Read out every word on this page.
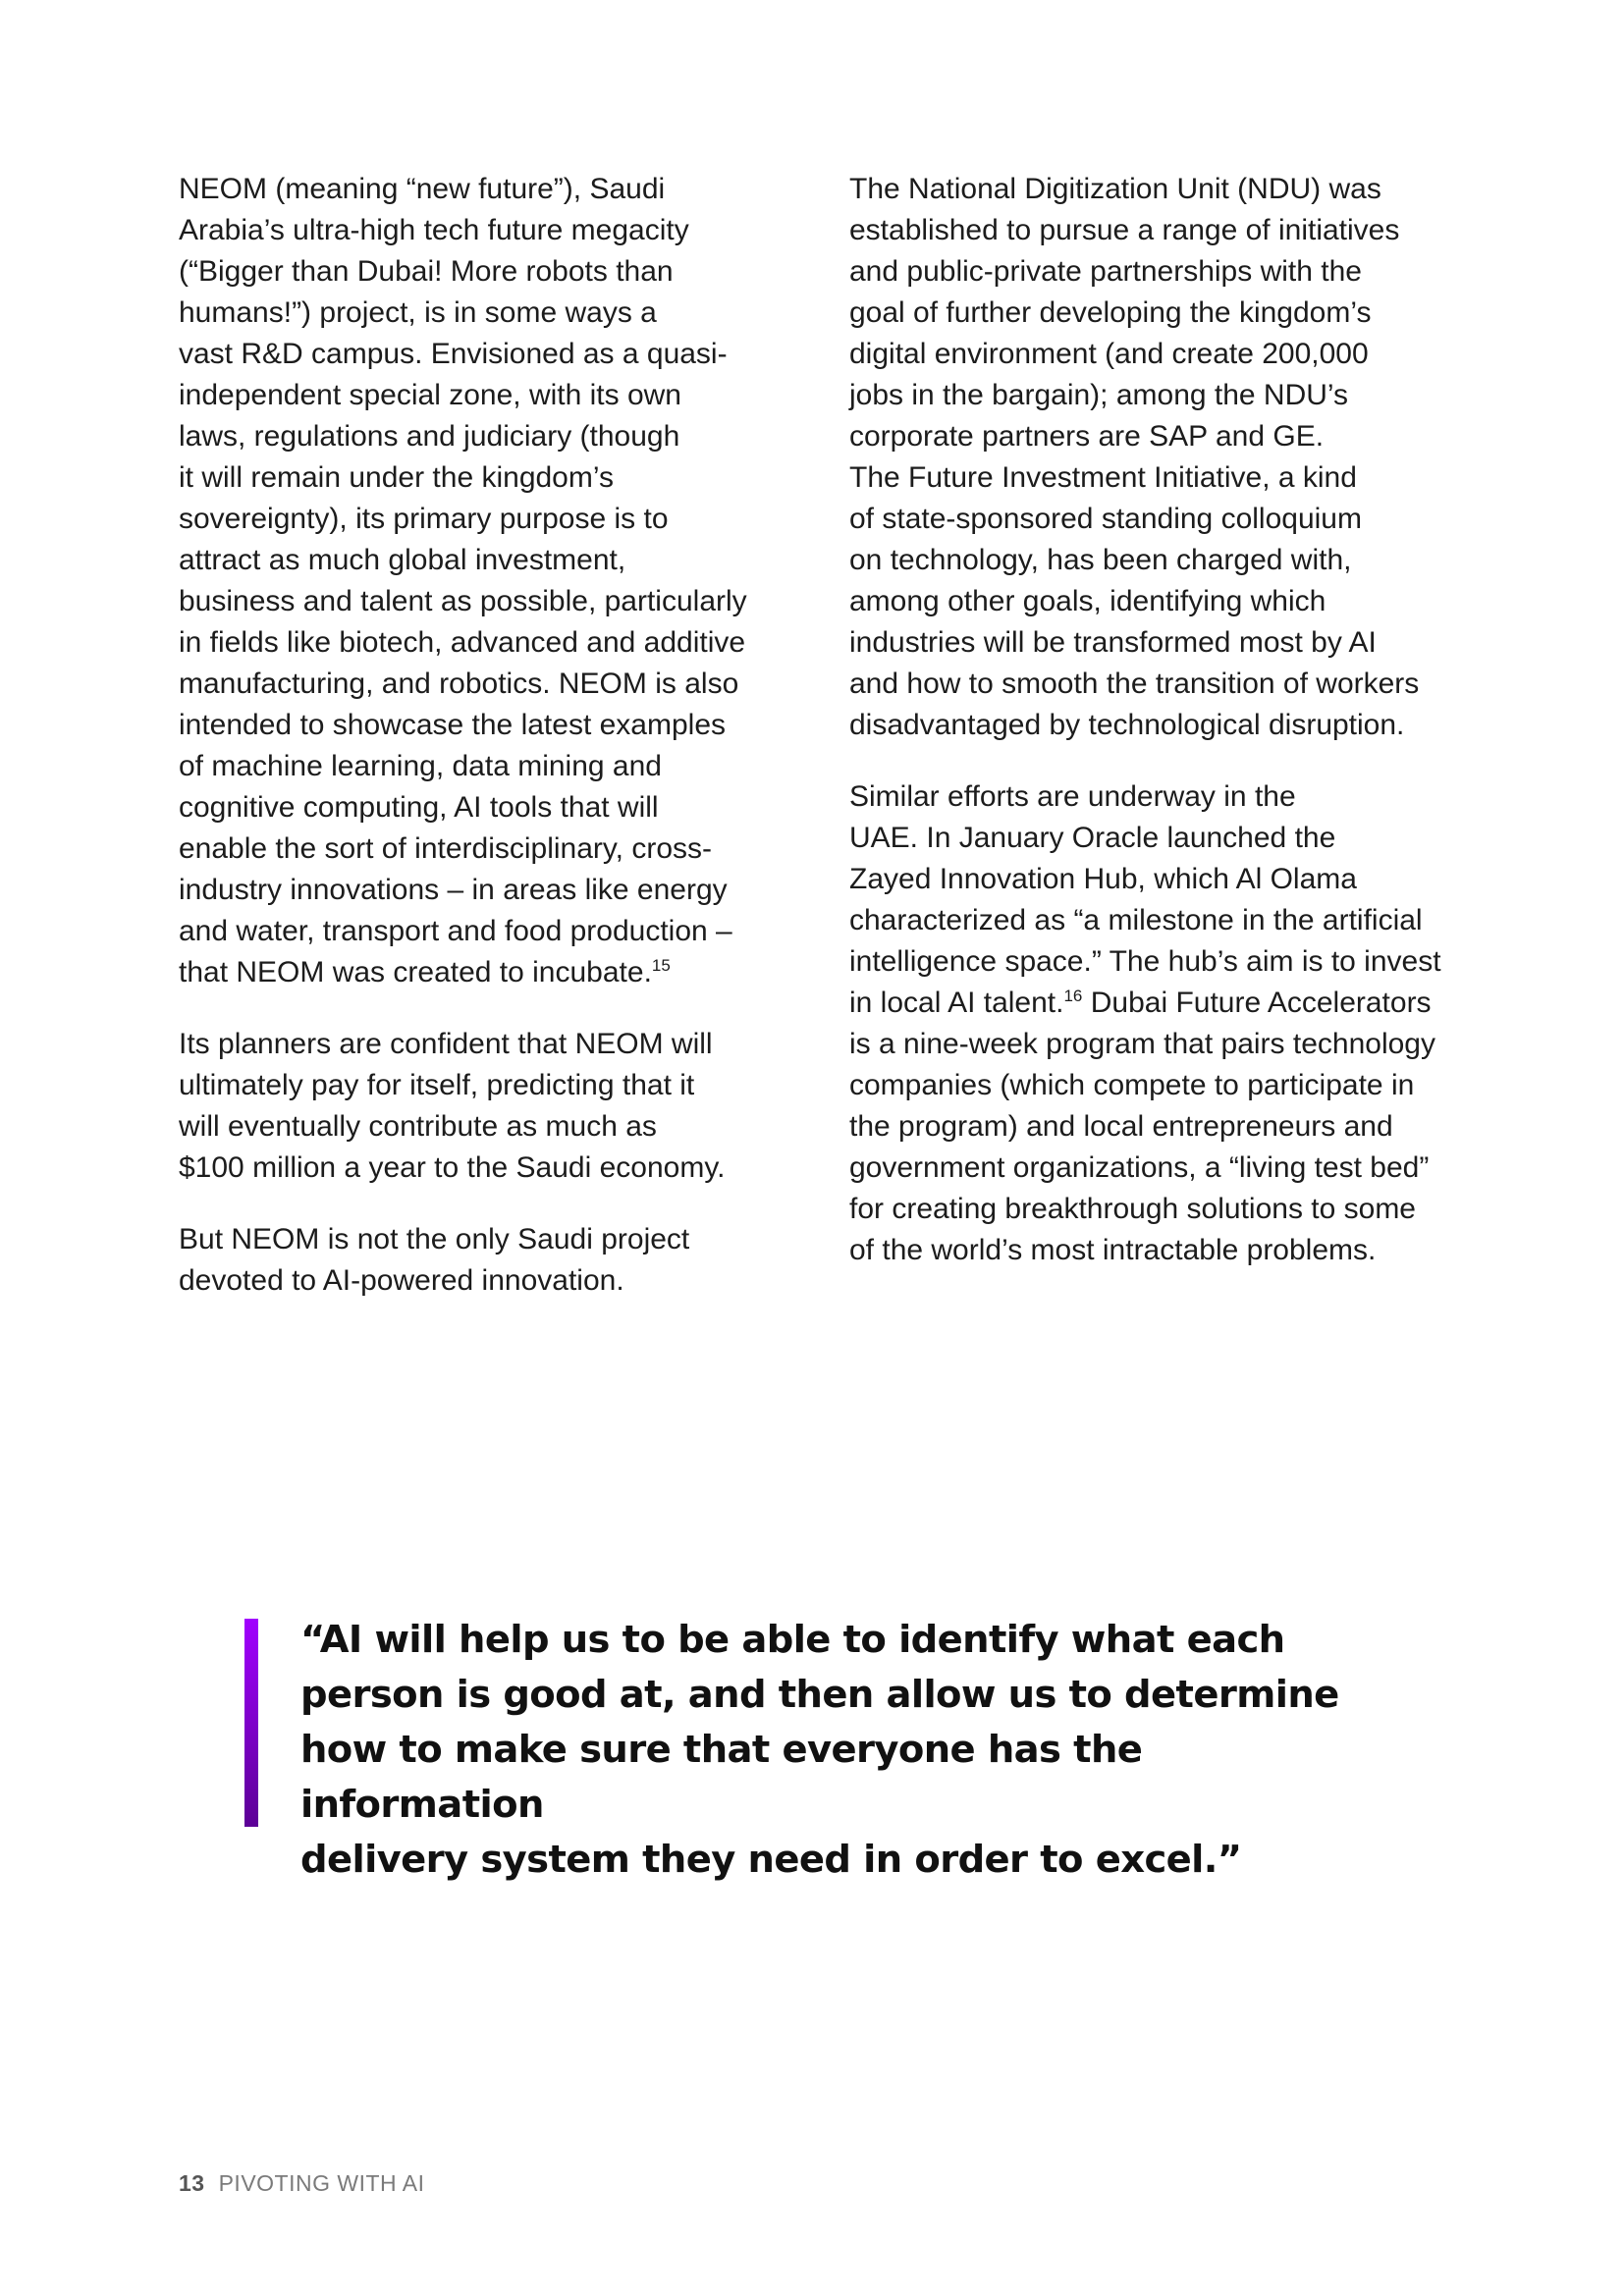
NEOM (meaning “new future”), Saudi
Arabia’s ultra-high tech future megacity
(“Bigger than Dubai! More robots than
humans!”) project, is in some ways a
vast R&D campus. Envisioned as a quasi-
independent special zone, with its own
laws, regulations and judiciary (though
it will remain under the kingdom’s
sovereignty), its primary purpose is to
attract as much global investment,
business and talent as possible, particularly
in fields like biotech, advanced and additive
manufacturing, and robotics. NEOM is also
intended to showcase the latest examples
of machine learning, data mining and
cognitive computing, AI tools that will
enable the sort of interdisciplinary, cross-
industry innovations – in areas like energy
and water, transport and food production –
that NEOM was created to incubate.$^{15}$

Its planners are confident that NEOM will
ultimately pay for itself, predicting that it
will eventually contribute as much as
$100 million a year to the Saudi economy.

But NEOM is not the only Saudi project
devoted to AI-powered innovation.

The National Digitization Unit (NDU) was
established to pursue a range of initiatives
and public-private partnerships with the
goal of further developing the kingdom’s
digital environment (and create 200,000
jobs in the bargain); among the NDU’s
corporate partners are SAP and GE.
The Future Investment Initiative, a kind
of state-sponsored standing colloquium
on technology, has been charged with,
among other goals, identifying which
industries will be transformed most by AI
and how to smooth the transition of workers
disadvantaged by technological disruption.

Similar efforts are underway in the
UAE. In January Oracle launched the
Zayed Innovation Hub, which Al Olama
characterized as “a milestone in the artificial
intelligence space.” The hub’s aim is to invest
in local AI talent.$^{16}$ Dubai Future Accelerators
is a nine-week program that pairs technology
companies (which compete to participate in
the program) and local entrepreneurs and
government organizations, a “living test bed”
for creating breakthrough solutions to some
of the world’s most intractable problems.

“AI will help us to be able to identify what each
person is good at, and then allow us to determine
how to make sure that everyone has the information
delivery system they need in order to excel.”

13 PIVOTING WITH AI
